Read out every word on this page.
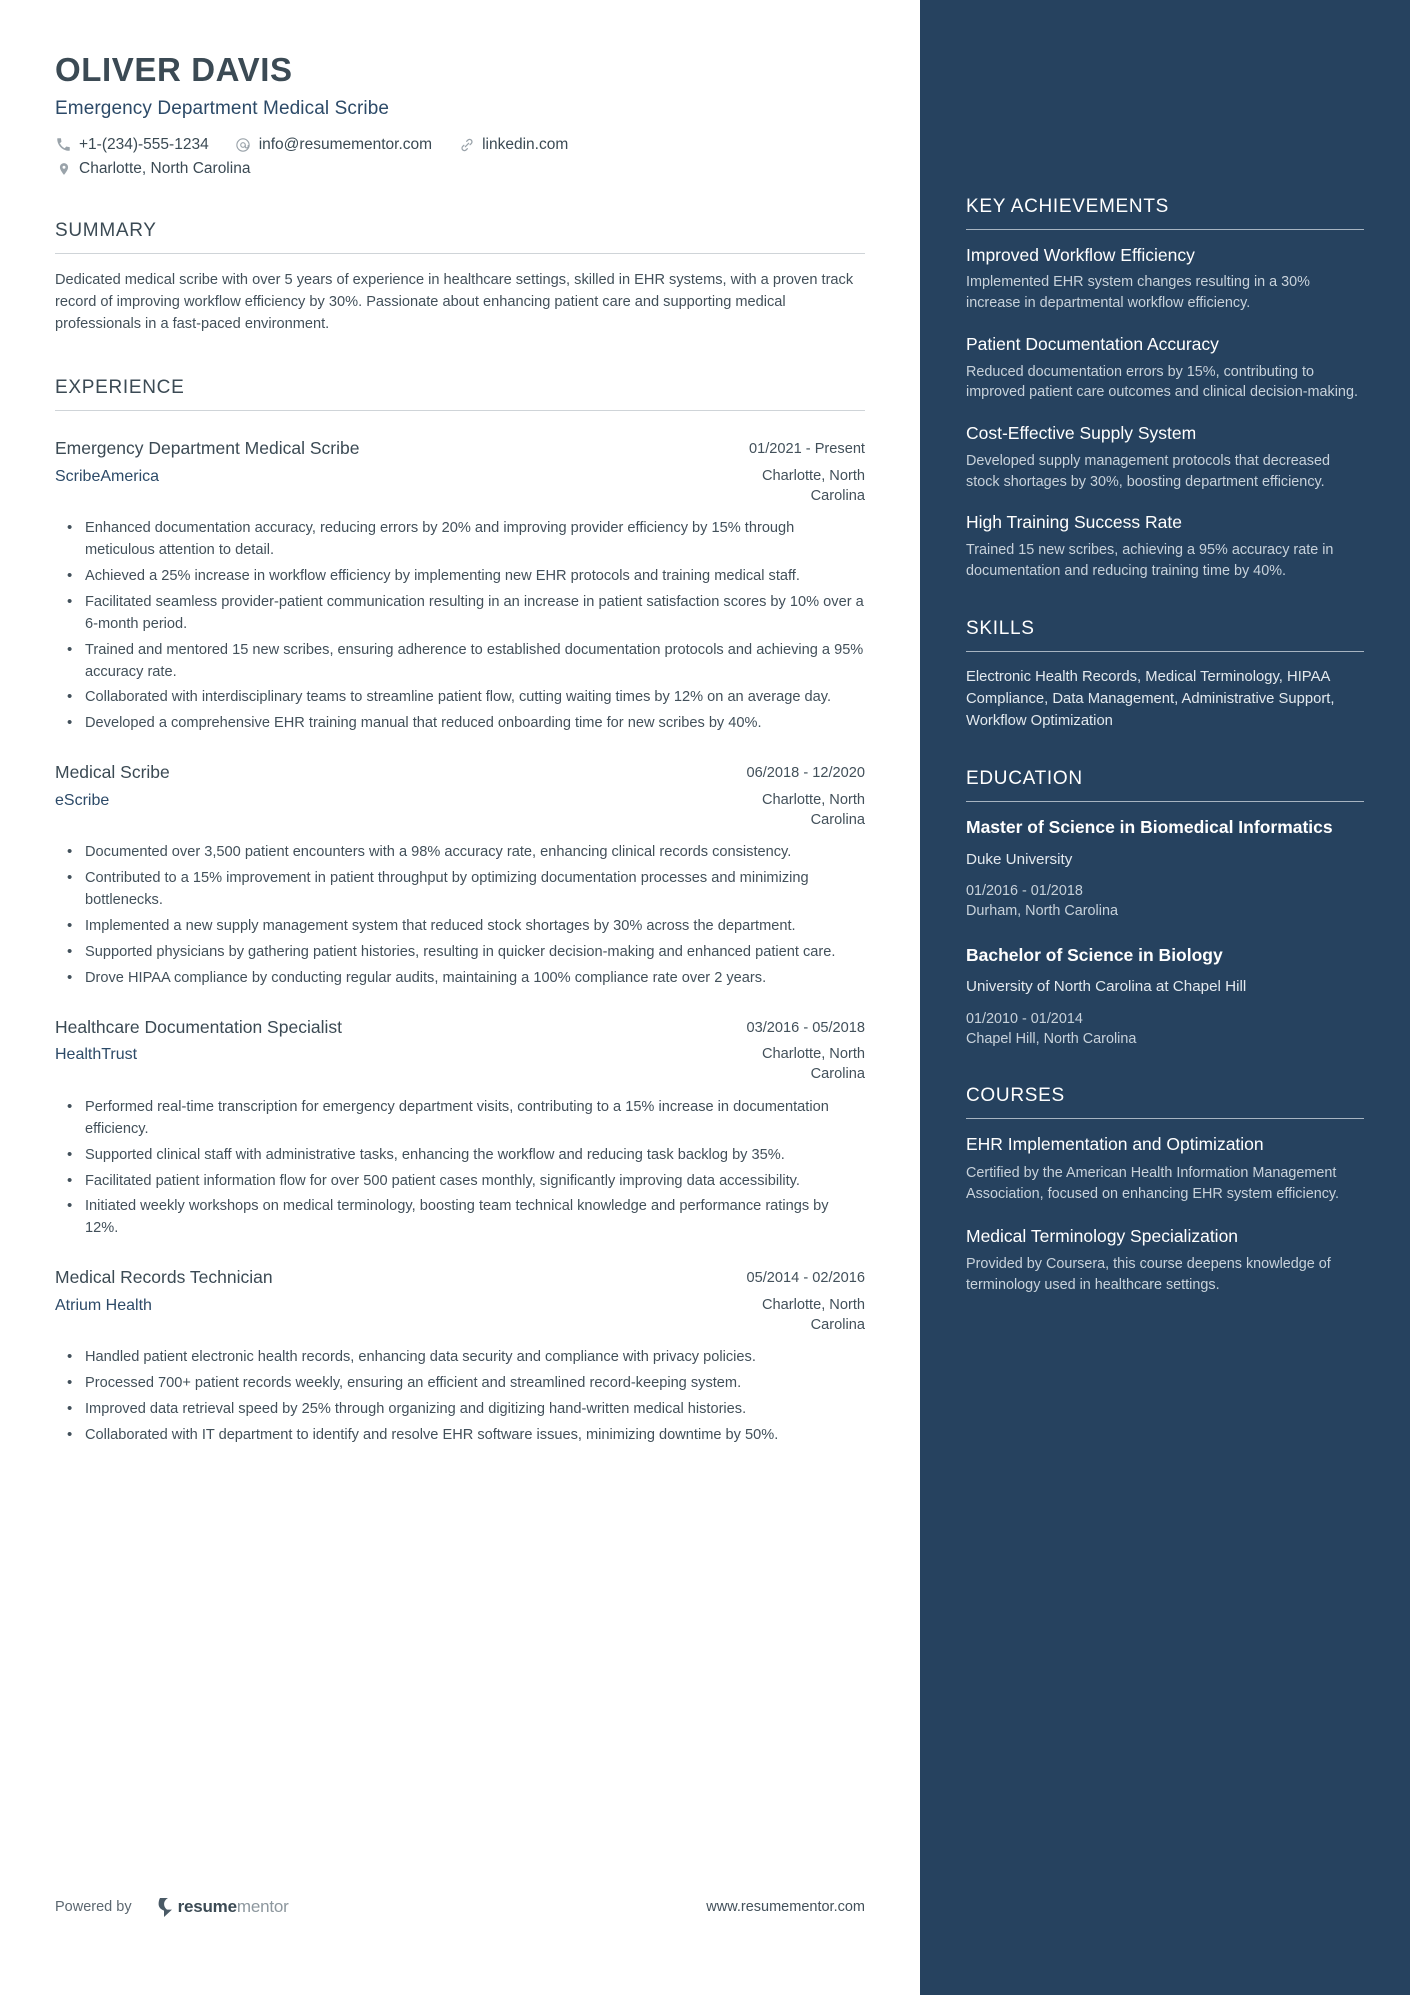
OLIVER DAVIS
Emergency Department Medical Scribe
+1-(234)-555-1234	info@resumementor.com	linkedin.com
Charlotte, North Carolina
SUMMARY
Dedicated medical scribe with over 5 years of experience in healthcare settings, skilled in EHR systems, with a proven track record of improving workflow efficiency by 30%. Passionate about enhancing patient care and supporting medical professionals in a fast-paced environment.
EXPERIENCE
Emergency Department Medical Scribe	01/2021 - Present
ScribeAmerica	Charlotte, North Carolina
• Enhanced documentation accuracy, reducing errors by 20% and improving provider efficiency by 15% through meticulous attention to detail.
• Achieved a 25% increase in workflow efficiency by implementing new EHR protocols and training medical staff.
• Facilitated seamless provider-patient communication resulting in an increase in patient satisfaction scores by 10% over a 6-month period.
• Trained and mentored 15 new scribes, ensuring adherence to established documentation protocols and achieving a 95% accuracy rate.
• Collaborated with interdisciplinary teams to streamline patient flow, cutting waiting times by 12% on an average day.
• Developed a comprehensive EHR training manual that reduced onboarding time for new scribes by 40%.
Medical Scribe	06/2018 - 12/2020
eScribe	Charlotte, North Carolina
• Documented over 3,500 patient encounters with a 98% accuracy rate, enhancing clinical records consistency.
• Contributed to a 15% improvement in patient throughput by optimizing documentation processes and minimizing bottlenecks.
• Implemented a new supply management system that reduced stock shortages by 30% across the department.
• Supported physicians by gathering patient histories, resulting in quicker decision-making and enhanced patient care.
• Drove HIPAA compliance by conducting regular audits, maintaining a 100% compliance rate over 2 years.
Healthcare Documentation Specialist	03/2016 - 05/2018
HealthTrust	Charlotte, North Carolina
• Performed real-time transcription for emergency department visits, contributing to a 15% increase in documentation efficiency.
• Supported clinical staff with administrative tasks, enhancing the workflow and reducing task backlog by 35%.
• Facilitated patient information flow for over 500 patient cases monthly, significantly improving data accessibility.
• Initiated weekly workshops on medical terminology, boosting team technical knowledge and performance ratings by 12%.
Medical Records Technician	05/2014 - 02/2016
Atrium Health	Charlotte, North Carolina
• Handled patient electronic health records, enhancing data security and compliance with privacy policies.
• Processed 700+ patient records weekly, ensuring an efficient and streamlined record-keeping system.
• Improved data retrieval speed by 25% through organizing and digitizing hand-written medical histories.
• Collaborated with IT department to identify and resolve EHR software issues, minimizing downtime by 50%.
Powered by	resume mentor	www.resumementor.com
KEY ACHIEVEMENTS
Improved Workflow Efficiency
Implemented EHR system changes resulting in a 30% increase in departmental workflow efficiency.
Patient Documentation Accuracy
Reduced documentation errors by 15%, contributing to improved patient care outcomes and clinical decision-making.
Cost-Effective Supply System
Developed supply management protocols that decreased stock shortages by 30%, boosting department efficiency.
High Training Success Rate
Trained 15 new scribes, achieving a 95% accuracy rate in documentation and reducing training time by 40%.
SKILLS
Electronic Health Records, Medical Terminology, HIPAA Compliance, Data Management, Administrative Support, Workflow Optimization
EDUCATION
Master of Science in Biomedical Informatics
Duke University
01/2016 - 01/2018
Durham, North Carolina
Bachelor of Science in Biology
University of North Carolina at Chapel Hill
01/2010 - 01/2014
Chapel Hill, North Carolina
COURSES
EHR Implementation and Optimization
Certified by the American Health Information Management Association, focused on enhancing EHR system efficiency.
Medical Terminology Specialization
Provided by Coursera, this course deepens knowledge of terminology used in healthcare settings.
